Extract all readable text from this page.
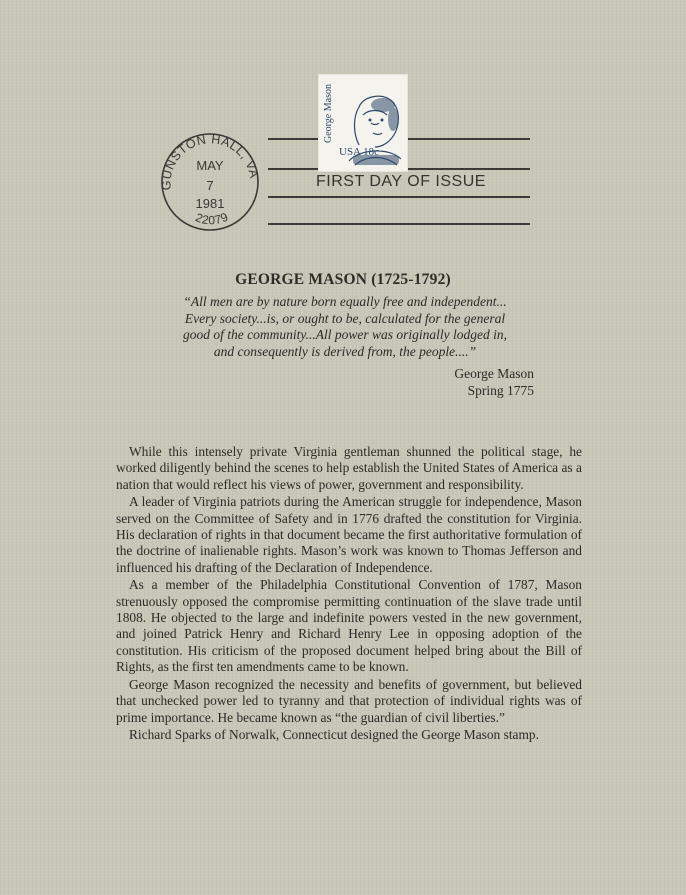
GUNSTON HALL, VA
22079
MAY
7
1981
George Mason
USA 18c
FIRST DAY OF ISSUE
GEORGE MASON (1725-1792)
“All men are by nature born equally free and independent...
Every society...is, or ought to be, calculated for the general
good of the community...All power was originally lodged in,
and consequently is derived from, the people....”
George Mason
Spring 1775

While this intensely private Virginia gentleman shunned the political stage, he worked diligently behind the scenes to help establish the United States of America as a nation that would reflect his views of power, government and responsibility.

A leader of Virginia patriots during the American struggle for independence, Mason served on the Committee of Safety and in 1776 drafted the constitution for Virginia. His declaration of rights in that document became the first authoritative formulation of the doctrine of inalienable rights. Mason’s work was known to Thomas Jefferson and influenced his drafting of the Declaration of Independence.

As a member of the Philadelphia Constitutional Convention of 1787, Mason strenuously opposed the compromise permitting continuation of the slave trade until 1808. He objected to the large and indefinite powers vested in the new government, and joined Patrick Henry and Richard Henry Lee in opposing adoption of the constitution. His criticism of the proposed document helped bring about the Bill of Rights, as the first ten amendments came to be known.

George Mason recognized the necessity and benefits of government, but believed that unchecked power led to tyranny and that protection of individual rights was of prime importance. He became known as “the guardian of civil liberties.”

Richard Sparks of Norwalk, Connecticut designed the George Mason stamp.
